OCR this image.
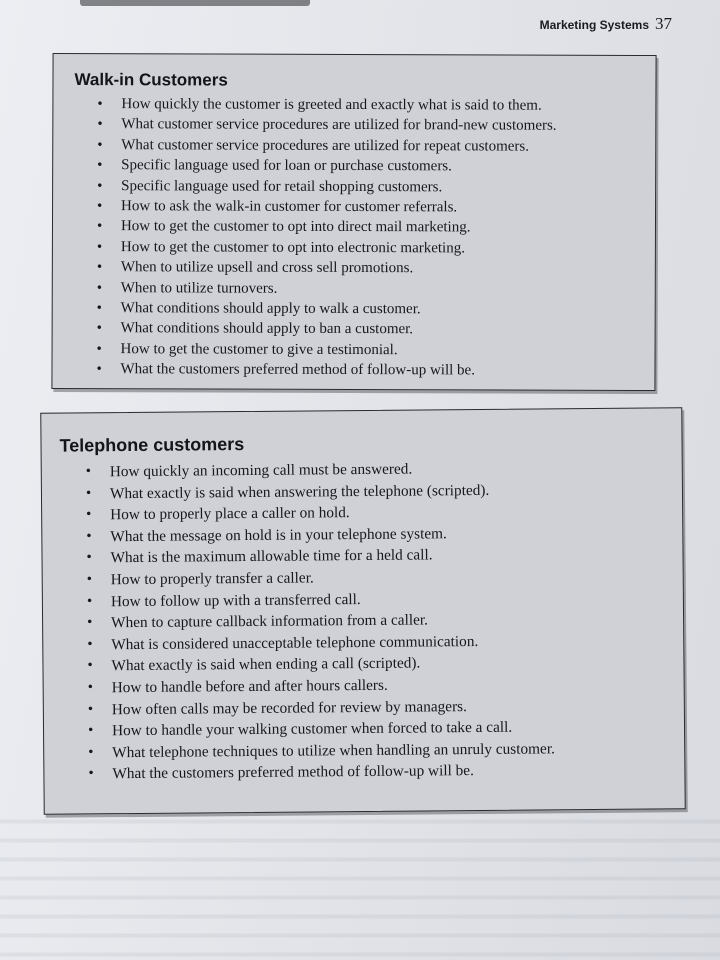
Marketing Systems 37
Walk-in Customers
• How quickly the customer is greeted and exactly what is said to them.
• What customer service procedures are utilized for brand-new customers.
• What customer service procedures are utilized for repeat customers.
• Specific language used for loan or purchase customers.
• Specific language used for retail shopping customers.
• How to ask the walk-in customer for customer referrals.
• How to get the customer to opt into direct mail marketing.
• How to get the customer to opt into electronic marketing.
• When to utilize upsell and cross sell promotions.
• When to utilize turnovers.
• What conditions should apply to walk a customer.
• What conditions should apply to ban a customer.
• How to get the customer to give a testimonial.
• What the customers preferred method of follow-up will be.
Telephone customers
• How quickly an incoming call must be answered.
• What exactly is said when answering the telephone (scripted).
• How to properly place a caller on hold.
• What the message on hold is in your telephone system.
• What is the maximum allowable time for a held call.
• How to properly transfer a caller.
• How to follow up with a transferred call.
• When to capture callback information from a caller.
• What is considered unacceptable telephone communication.
• What exactly is said when ending a call (scripted).
• How to handle before and after hours callers.
• How often calls may be recorded for review by managers.
• How to handle your walking customer when forced to take a call.
• What telephone techniques to utilize when handling an unruly customer.
• What the customers preferred method of follow-up will be.
